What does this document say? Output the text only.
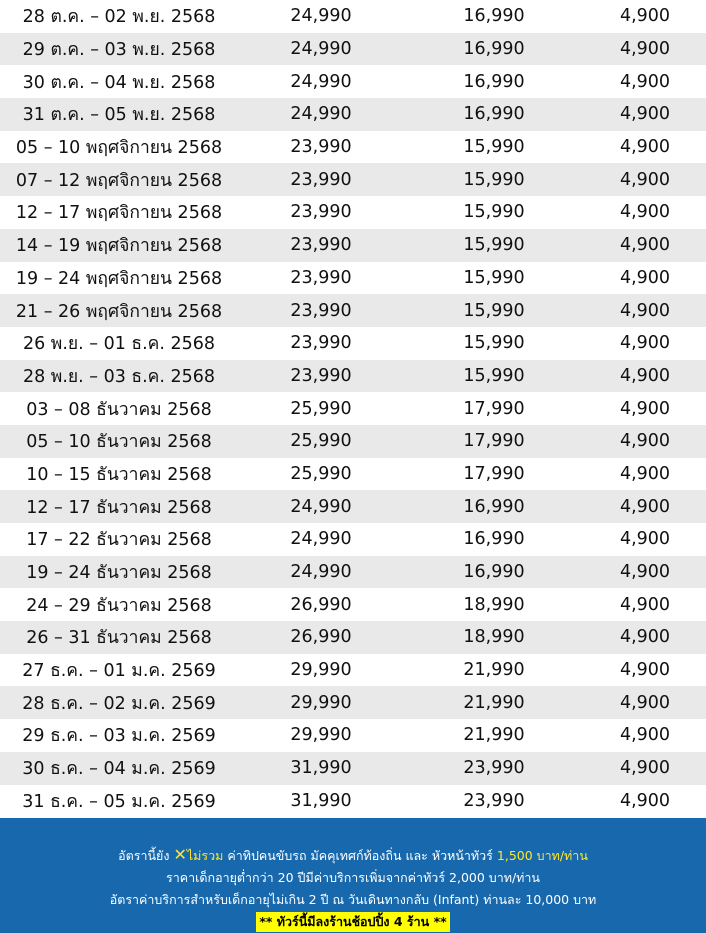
28 ต.ค. – 02 พ.ย. 2568	24,990	16,990	4,900
29 ต.ค. – 03 พ.ย. 2568	24,990	16,990	4,900
30 ต.ค. – 04 พ.ย. 2568	24,990	16,990	4,900
31 ต.ค. – 05 พ.ย. 2568	24,990	16,990	4,900
05 – 10 พฤศจิกายน 2568	23,990	15,990	4,900
07 – 12 พฤศจิกายน 2568	23,990	15,990	4,900
12 – 17 พฤศจิกายน 2568	23,990	15,990	4,900
14 – 19 พฤศจิกายน 2568	23,990	15,990	4,900
19 – 24 พฤศจิกายน 2568	23,990	15,990	4,900
21 – 26 พฤศจิกายน 2568	23,990	15,990	4,900
26 พ.ย. – 01 ธ.ค. 2568	23,990	15,990	4,900
28 พ.ย. – 03 ธ.ค. 2568	23,990	15,990	4,900
03 – 08 ธันวาคม 2568	25,990	17,990	4,900
05 – 10 ธันวาคม 2568	25,990	17,990	4,900
10 – 15 ธันวาคม 2568	25,990	17,990	4,900
12 – 17 ธันวาคม 2568	24,990	16,990	4,900
17 – 22 ธันวาคม 2568	24,990	16,990	4,900
19 – 24 ธันวาคม 2568	24,990	16,990	4,900
24 – 29 ธันวาคม 2568	26,990	18,990	4,900
26 – 31 ธันวาคม 2568	26,990	18,990	4,900
27 ธ.ค. – 01 ม.ค. 2569	29,990	21,990	4,900
28 ธ.ค. – 02 ม.ค. 2569	29,990	21,990	4,900
29 ธ.ค. – 03 ม.ค. 2569	29,990	21,990	4,900
30 ธ.ค. – 04 ม.ค. 2569	31,990	23,990	4,900
31 ธ.ค. – 05 ม.ค. 2569	31,990	23,990	4,900
อัตรานี้ยัง ✕ไม่รวม ค่าทิปคนขับรถ มัคคุเทศก์ท้องถิ่น และ หัวหน้าทัวร์ 1,500 บาท/ท่าน
ราคาเด็กอายุต่ำกว่า 20 ปีมีค่าบริการเพิ่มจากค่าทัวร์ 2,000 บาท/ท่าน
อัตราค่าบริการสำหรับเด็กอายุไม่เกิน 2 ปี ณ วันเดินทางกลับ (Infant) ท่านละ 10,000 บาท
** ทัวร์นี้มีลงร้านช้อปปิ้ง 4 ร้าน **
